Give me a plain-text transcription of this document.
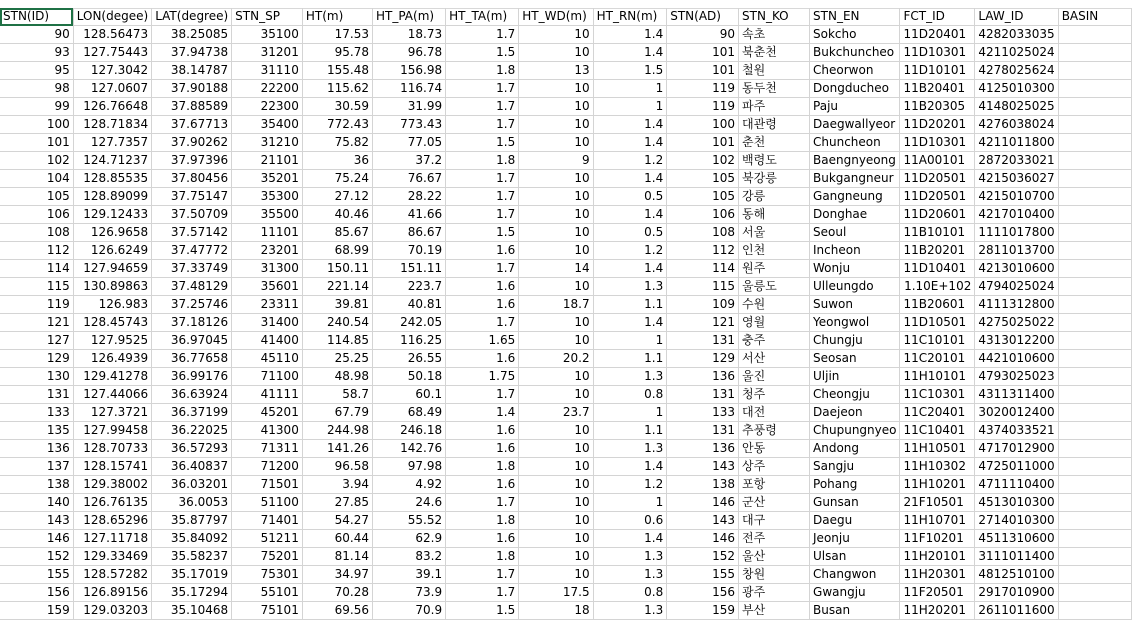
STN(ID)	LON(degee)	LAT(degree)	STN_SP	HT(m)	HT_PA(m)	HT_TA(m)	HT_WD(m)	HT_RN(m)	STN(AD)	STN_KO	STN_EN	FCT_ID	LAW_ID	BASIN
90	128.56473	38.25085	35100	17.53	18.73	1.7	10	1.4	90	속초	Sokcho	11D20401	4282033035	
93	127.75443	37.94738	31201	95.78	96.78	1.5	10	1.4	101	북춘천	Bukchuncheo	11D10301	4211025024	
95	127.3042	38.14787	31110	155.48	156.98	1.8	13	1.5	101	철원	Cheorwon	11D10101	4278025624	
98	127.0607	37.90188	22200	115.62	116.74	1.7	10	1	119	동두천	Dongducheo	11B20401	4125010300	
99	126.76648	37.88589	22300	30.59	31.99	1.7	10	1	119	파주	Paju	11B20305	4148025025	
100	128.71834	37.67713	35400	772.43	773.43	1.7	10	1.4	100	대관령	Daegwallyeor	11D20201	4276038024	
101	127.7357	37.90262	31210	75.82	77.05	1.5	10	1.4	101	춘천	Chuncheon	11D10301	4211011800	
102	124.71237	37.97396	21101	36	37.2	1.8	9	1.2	102	백령도	Baengnyeong	11A00101	2872033021	
104	128.85535	37.80456	35201	75.24	76.67	1.7	10	1.4	105	북강릉	Bukgangneur	11D20501	4215036027	
105	128.89099	37.75147	35300	27.12	28.22	1.7	10	0.5	105	강릉	Gangneung	11D20501	4215010700	
106	129.12433	37.50709	35500	40.46	41.66	1.7	10	1.4	106	동해	Donghae	11D20601	4217010400	
108	126.9658	37.57142	11101	85.67	86.67	1.5	10	0.5	108	서울	Seoul	11B10101	1111017800	
112	126.6249	37.47772	23201	68.99	70.19	1.6	10	1.2	112	인천	Incheon	11B20201	2811013700	
114	127.94659	37.33749	31300	150.11	151.11	1.7	14	1.4	114	원주	Wonju	11D10401	4213010600	
115	130.89863	37.48129	35601	221.14	223.7	1.6	10	1.3	115	울릉도	Ulleungdo	1.10E+102	4794025024	
119	126.983	37.25746	23311	39.81	40.81	1.6	18.7	1.1	109	수원	Suwon	11B20601	4111312800	
121	128.45743	37.18126	31400	240.54	242.05	1.7	10	1.4	121	영월	Yeongwol	11D10501	4275025022	
127	127.9525	36.97045	41400	114.85	116.25	1.65	10	1	131	충주	Chungju	11C10101	4313012200	
129	126.4939	36.77658	45110	25.25	26.55	1.6	20.2	1.1	129	서산	Seosan	11C20101	4421010600	
130	129.41278	36.99176	71100	48.98	50.18	1.75	10	1.3	136	울진	Uljin	11H10101	4793025023	
131	127.44066	36.63924	41111	58.7	60.1	1.7	10	0.8	131	청주	Cheongju	11C10301	4311311400	
133	127.3721	36.37199	45201	67.79	68.49	1.4	23.7	1	133	대전	Daejeon	11C20401	3020012400	
135	127.99458	36.22025	41300	244.98	246.18	1.6	10	1.1	131	추풍령	Chupungnyeo	11C10401	4374033521	
136	128.70733	36.57293	71311	141.26	142.76	1.6	10	1.3	136	안동	Andong	11H10501	4717012900	
137	128.15741	36.40837	71200	96.58	97.98	1.8	10	1.4	143	상주	Sangju	11H10302	4725011000	
138	129.38002	36.03201	71501	3.94	4.92	1.6	10	1.2	138	포항	Pohang	11H10201	4711110400	
140	126.76135	36.0053	51100	27.85	24.6	1.7	10	1	146	군산	Gunsan	21F10501	4513010300	
143	128.65296	35.87797	71401	54.27	55.52	1.8	10	0.6	143	대구	Daegu	11H10701	2714010300	
146	127.11718	35.84092	51211	60.44	62.9	1.6	10	1.4	146	전주	Jeonju	11F10201	4511310600	
152	129.33469	35.58237	75201	81.14	83.2	1.8	10	1.3	152	울산	Ulsan	11H20101	3111011400	
155	128.57282	35.17019	75301	34.97	39.1	1.7	10	1.3	155	창원	Changwon	11H20301	4812510100	
156	126.89156	35.17294	55101	70.28	73.9	1.7	17.5	0.8	156	광주	Gwangju	11F20501	2917010900	
159	129.03203	35.10468	75101	69.56	70.9	1.5	18	1.3	159	부산	Busan	11H20201	2611011600	
